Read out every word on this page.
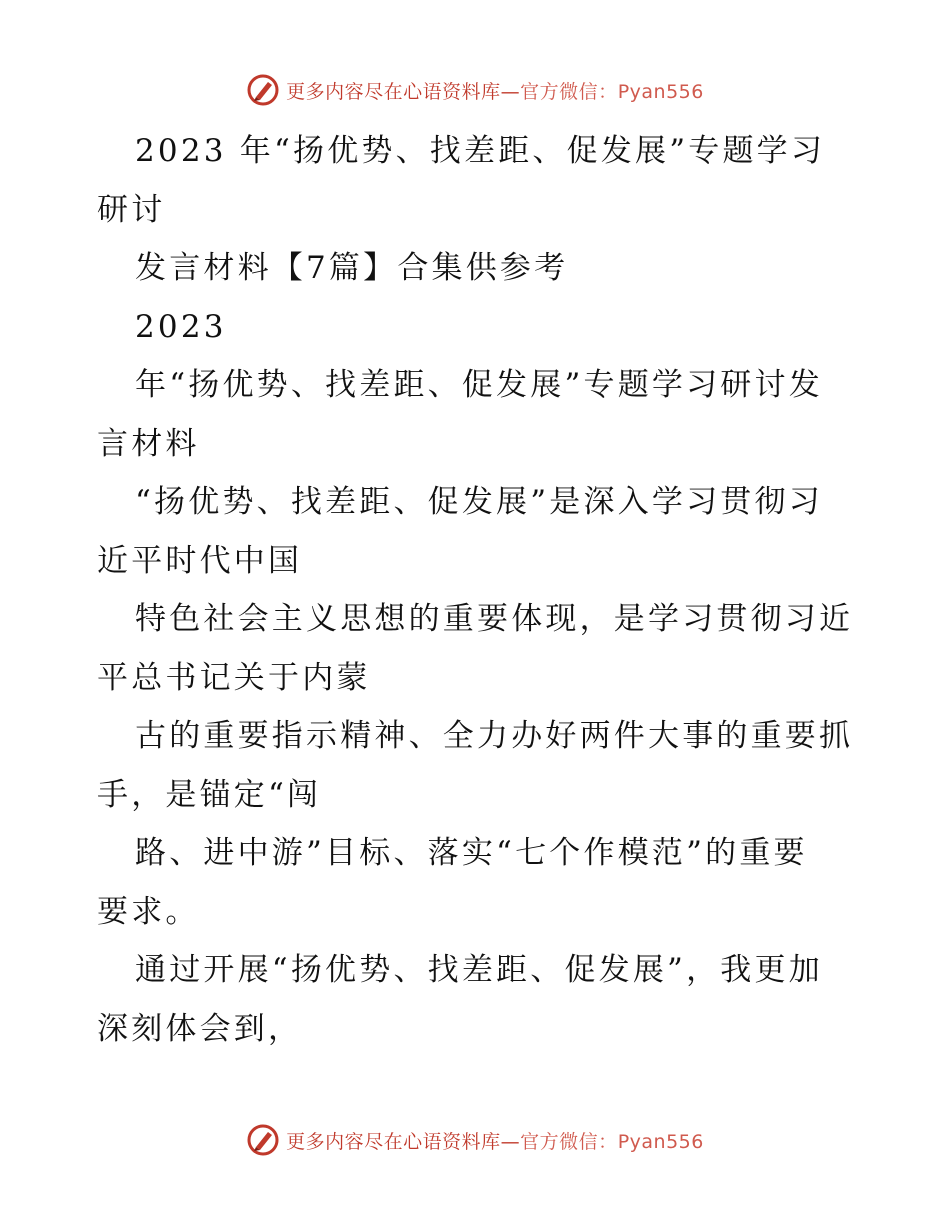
更多内容尽在心语资料库—官方微信：Pyan556
2023 年“扬优势、找差距、促发展”专题学习
研讨
发言材料【7篇】合集供参考
2023
年“扬优势、找差距、促发展”专题学习研讨发
言材料
“扬优势、找差距、促发展”是深入学习贯彻习
近平时代中国
特色社会主义思想的重要体现，是学习贯彻习近
平总书记关于内蒙
古的重要指示精神、全力办好两件大事的重要抓
手，是锚定“闯
路、进中游”目标、落实“七个作模范”的重要
要求。
通过开展“扬优势、找差距、促发展”，我更加
深刻体会到，
更多内容尽在心语资料库—官方微信：Pyan556
